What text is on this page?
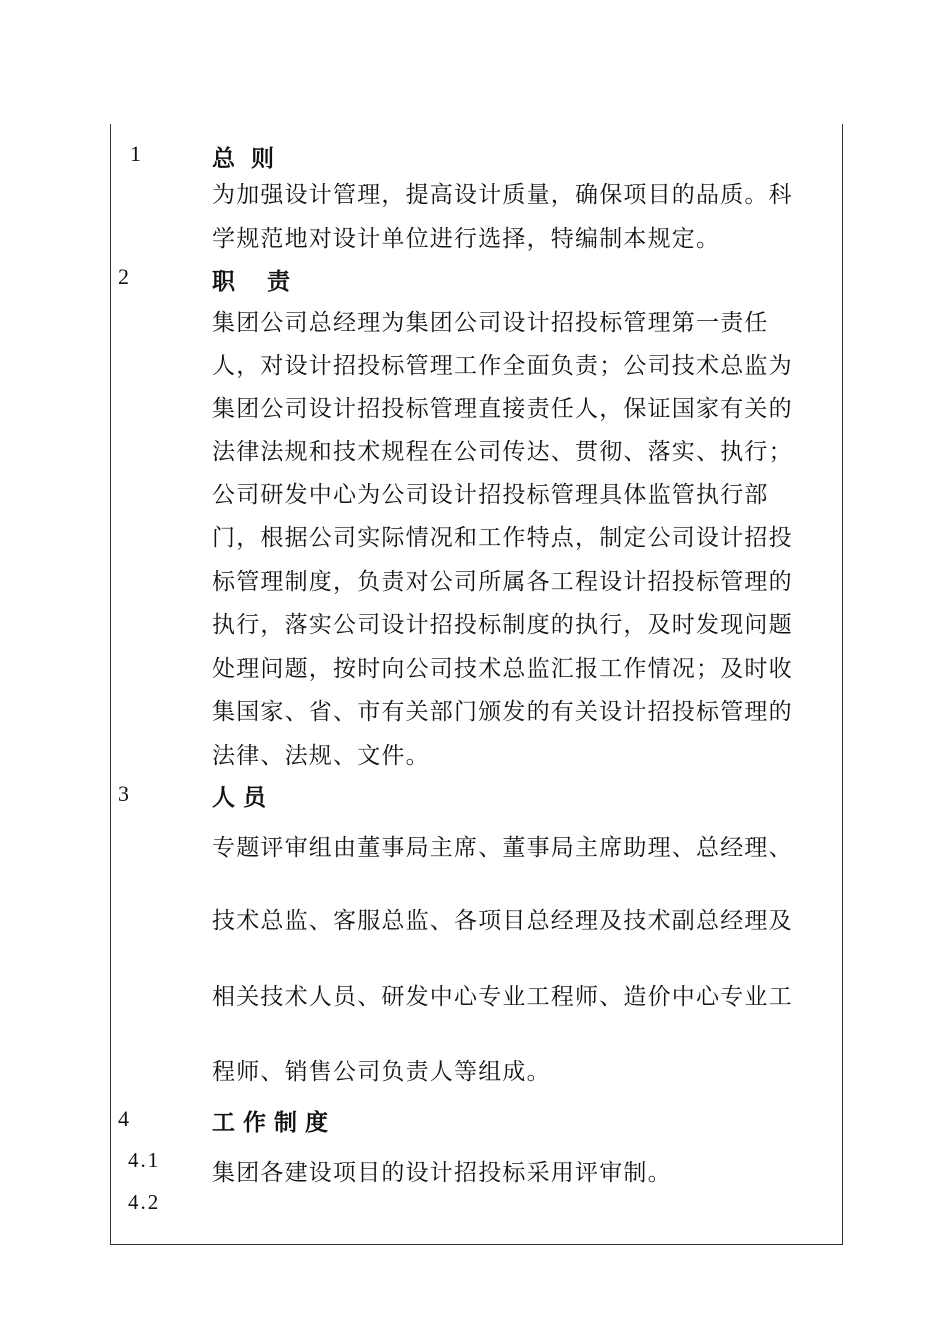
1	总  则
为加强设计管理，提高设计质量，确保项目的品质。科
学规范地对设计单位进行选择，特编制本规定。
2	职    责
集团公司总经理为集团公司设计招投标管理第一责任
人，对设计招投标管理工作全面负责；公司技术总监为
集团公司设计招投标管理直接责任人，保证国家有关的
法律法规和技术规程在公司传达、贯彻、落实、执行；
公司研发中心为公司设计招投标管理具体监管执行部
门，根据公司实际情况和工作特点，制定公司设计招投
标管理制度，负责对公司所属各工程设计招投标管理的
执行，落实公司设计招投标制度的执行，及时发现问题
处理问题，按时向公司技术总监汇报工作情况；及时收
集国家、省、市有关部门颁发的有关设计招投标管理的
法律、法规、文件。
3	人 员
专题评审组由董事局主席、董事局主席助理、总经理、
技术总监、客服总监、各项目总经理及技术副总经理及
相关技术人员、研发中心专业工程师、造价中心专业工
程师、销售公司负责人等组成。
4	工 作 制 度
4.1 集团各建设项目的设计招投标采用评审制。
4.2
